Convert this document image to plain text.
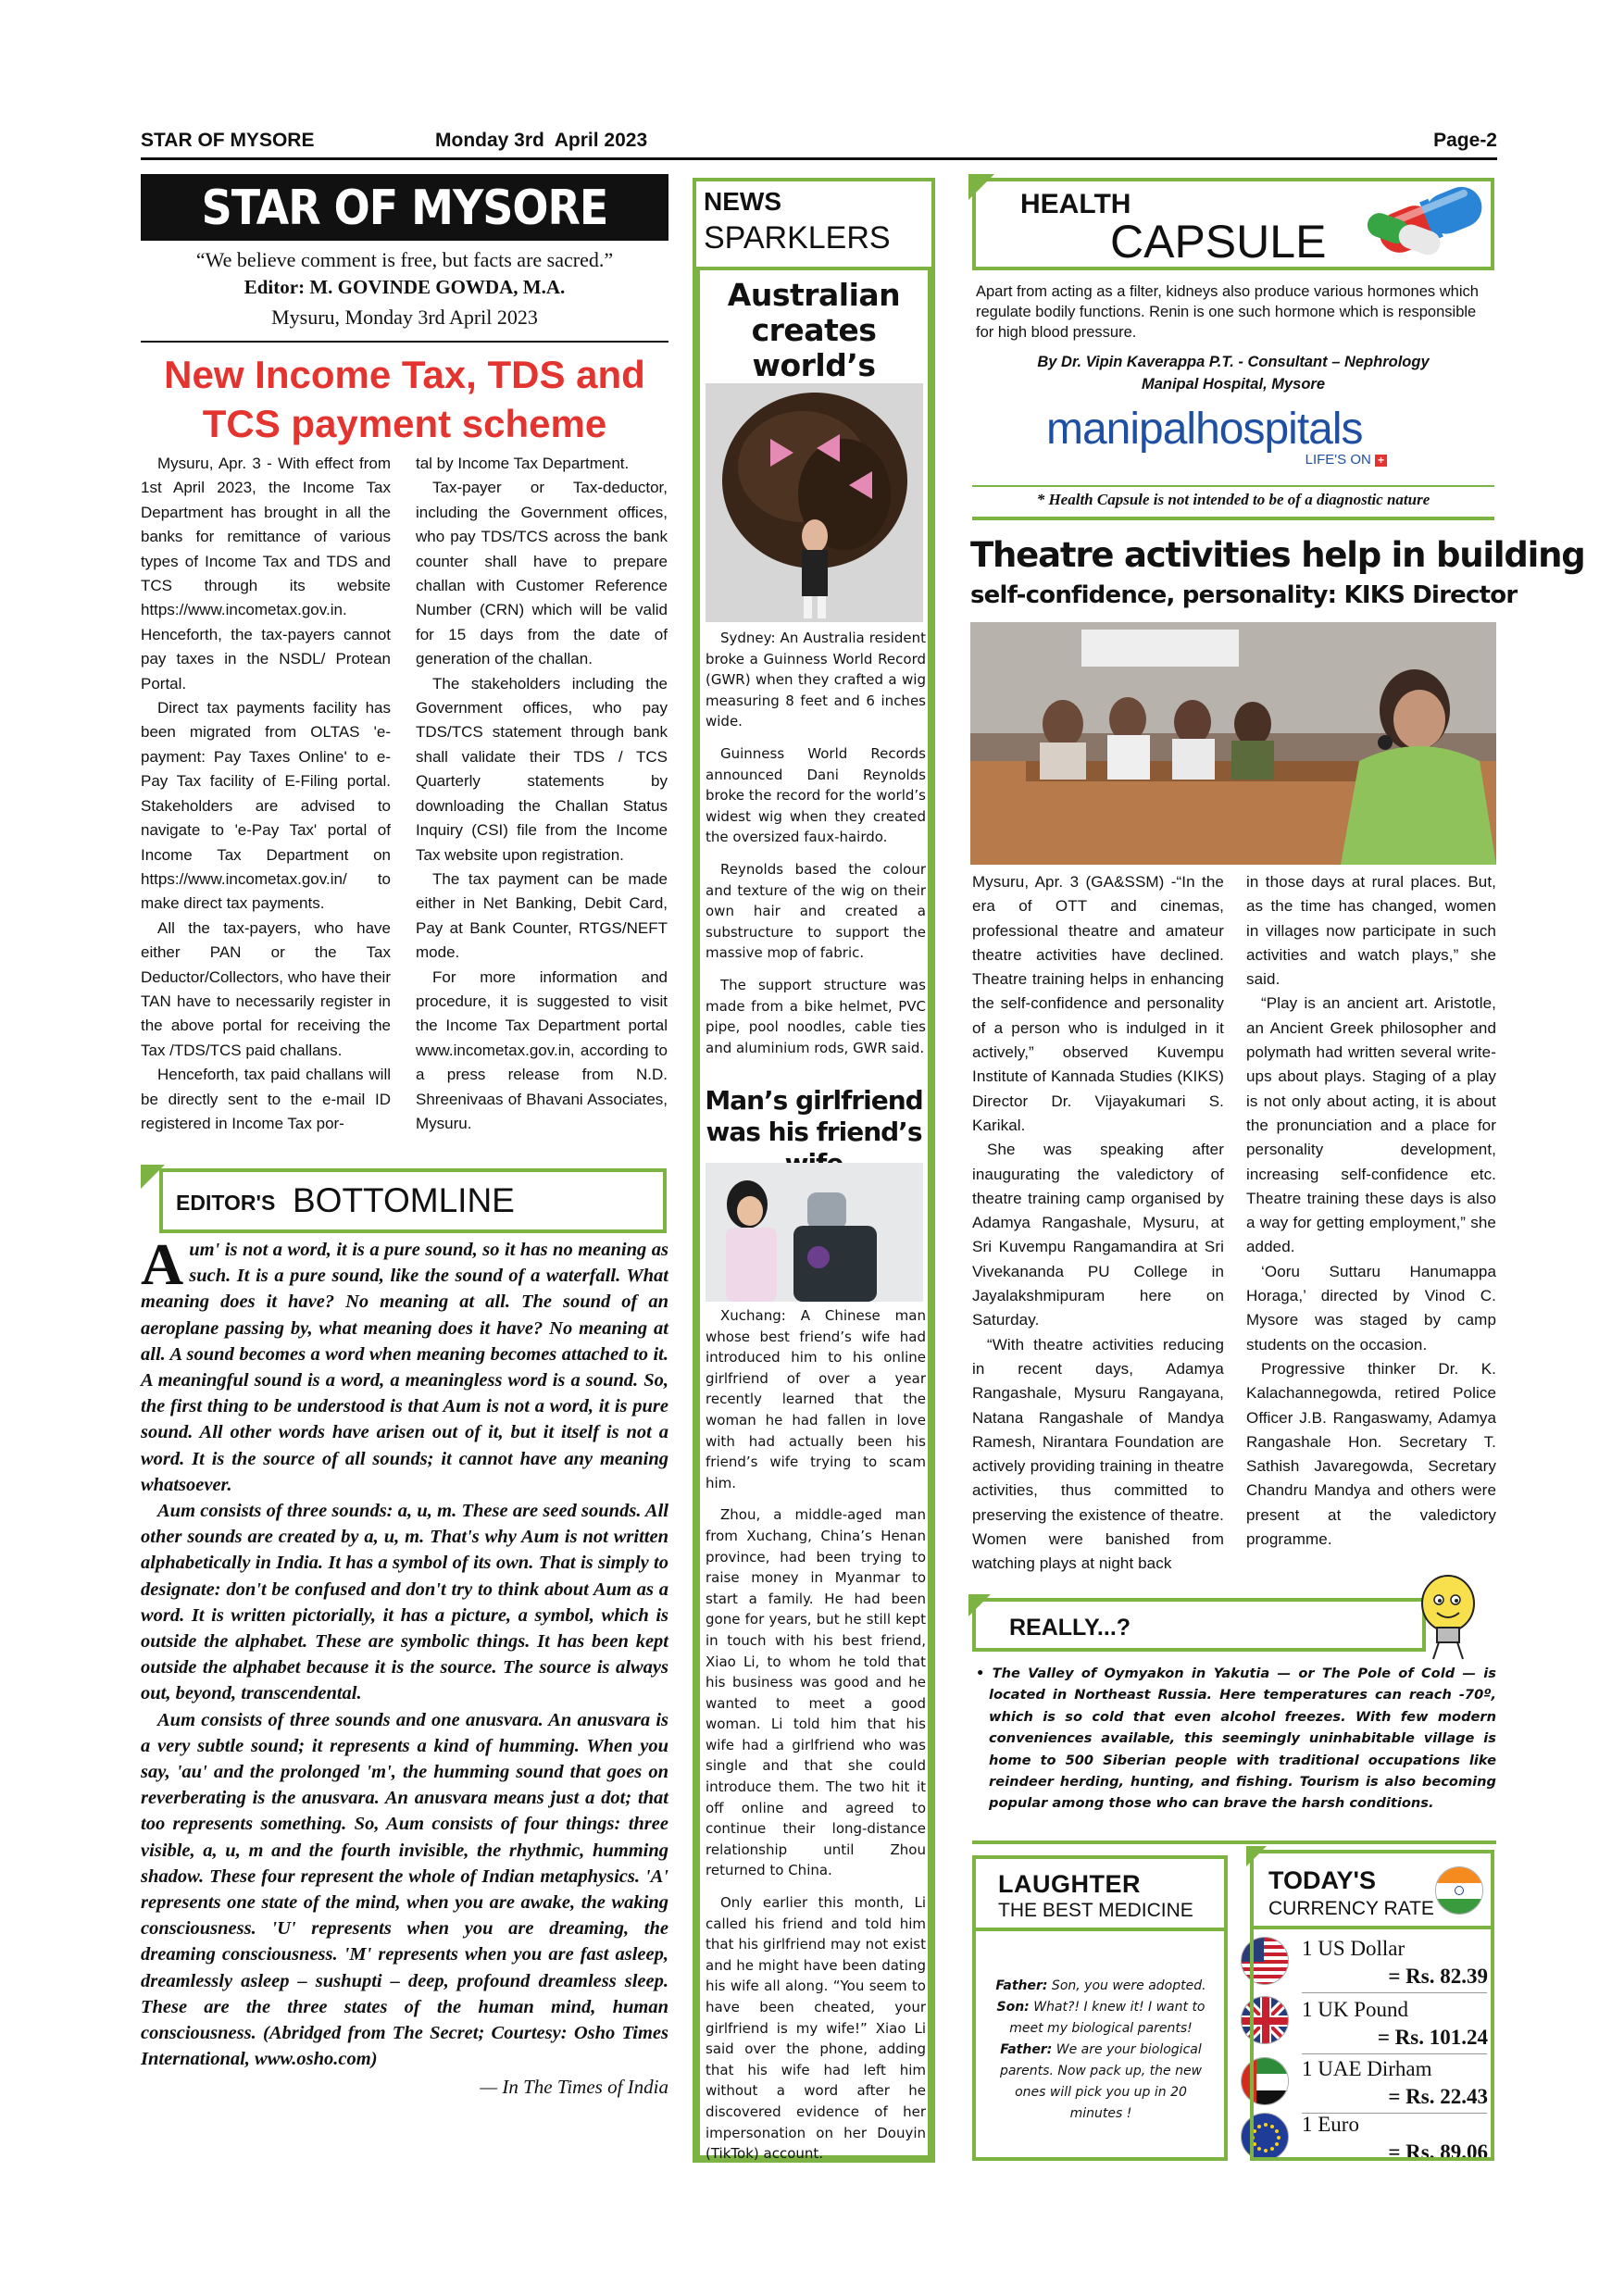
STAR OF MYSORE	Monday 3rd  April 2023	Page-2
STAR OF MYSORE
“We believe comment is free, but facts are sacred.”
Editor: M. GOVINDE GOWDA, M.A.
Mysuru, Monday 3rd April 2023
New Income Tax, TDS and TCS payment scheme

Mysuru, Apr. 3 - With effect from 1st April 2023, the Income Tax Department has brought in all the banks for remittance of various types of Income Tax and TDS and TCS through its website https://www.incometax.gov.in. Henceforth, the tax-payers cannot pay taxes in the NSDL/ Protean Portal.

Direct tax payments facility has been migrated from OLTAS 'e-payment: Pay Taxes Online' to e-Pay Tax facility of E-Filing portal. Stakeholders are advised to navigate to 'e-Pay Tax' portal of Income Tax Department on https://www.incometax.gov.in/ to make direct tax payments.

All the tax-payers, who have either PAN or the Tax Deductor/Collectors, who have their TAN have to necessarily register in the above portal for receiving the Tax /TDS/TCS paid challans.

Henceforth, tax paid challans will be directly sent to the e-mail ID registered in Income Tax por-

tal by Income Tax Department.

Tax-payer or Tax-deductor, including the Government offices, who pay TDS/TCS across the bank counter shall have to prepare challan with Customer Reference Number (CRN) which will be valid for 15 days from the date of generation of the challan.

The stakeholders including the Government offices, who pay TDS/TCS statement through bank shall validate their TDS / TCS Quarterly statements by downloading the Challan Status Inquiry (CSI) file from the Income Tax website upon registration.

The tax payment can be made either in Net Banking, Debit Card, Pay at Bank Counter, RTGS/NEFT mode.

For more information and procedure, it is suggested to visit the Income Tax Department portal www.incometax.gov.in, according to a press release from N.D. Shreenivaas of Bhavani Associates, Mysuru.

EDITOR'S BOTTOMLINE

Aum' is not a word, it is a pure sound, so it has no meaning as such. It is a pure sound, like the sound of a waterfall. What meaning does it have? No meaning at all. The sound of an aeroplane passing by, what meaning does it have? No meaning at all. A sound becomes a word when meaning becomes attached to it. A meaningful sound is a word, a meaningless word is a sound. So, the first thing to be understood is that Aum is not a word, it is pure sound. All other words have arisen out of it, but it itself is not a word. It is the source of all sounds; it cannot have any meaning whatsoever.

Aum consists of three sounds: a, u, m. These are seed sounds. All other sounds are created by a, u, m. That's why Aum is not written alphabetically in India. It has a symbol of its own. That is simply to designate: don't be confused and don't try to think about Aum as a word. It is written pictorially, it has a picture, a symbol, which is outside the alphabet. These are symbolic things. It has been kept outside the alphabet because it is the source. The source is always out, beyond, transcendental.

Aum consists of three sounds and one anusvara. An anusvara is a very subtle sound; it represents a kind of humming. When you say, 'au' and the prolonged 'm', the humming sound that goes on reverberating is the anusvara. An anusvara means just a dot; that too represents something. So, Aum consists of four things: three visible, a, u, m and the fourth invisible, the rhythmic, humming shadow. These four represent the whole of Indian metaphysics. 'A' represents one state of the mind, when you are awake, the waking consciousness. 'U' represents when you are dreaming, the dreaming consciousness. 'M' represents when you are fast asleep, dreamlessly asleep – sushupti – deep, profound dreamless sleep. These are the three states of the human mind, human consciousness. (Abridged from The Secret; Courtesy: Osho Times International, www.osho.com)

— In The Times of India

NEWS
SPARKLERS
Australian creates world’s

Sydney: An Australia resident broke a Guinness World Record (GWR) when they crafted a wig measuring 8 feet and 6 inches wide.

Guinness World Records announced Dani Reynolds broke the record for the world’s widest wig when they created the oversized faux-hairdo.

Reynolds based the colour and texture of the wig on their own hair and created a substructure to support the massive mop of fabric.

The support structure was made from a bike helmet, PVC pipe, pool noodles, cable ties and aluminium rods, GWR said.

Man’s girlfriend was his friend’s

Xuchang: A Chinese man whose best friend’s wife had introduced him to his online girlfriend of over a year recently learned that the woman he had fallen in love with had actually been his friend’s wife trying to scam him.

Zhou, a middle-aged man from Xuchang, China’s Henan province, had been trying to raise money in Myanmar to start a family. He had been gone for years, but he still kept in touch with his best friend, Xiao Li, to whom he told that his business was good and he wanted to meet a good woman. Li told him that his wife had a girlfriend who was single and that she could introduce them. The two hit it off online and agreed to continue their long-distance relationship until Zhou returned to China.

Only earlier this month, Li called his friend and told him that his girlfriend may not exist and he might have been dating his wife all along. “You seem to have been cheated, your girlfriend is my wife!” Xiao Li said over the phone, adding that his wife had left him without a word after he discovered evidence of her impersonation on her Douyin (TikTok) account.

HEALTH
CAPSULE
Apart from acting as a filter, kidneys also produce various hormones which regulate bodily functions. Renin is one such hormone which is responsible for high blood pressure.
By Dr. Vipin Kaverappa P.T. - Consultant – Nephrology
Manipal Hospital, Mysore
manipalhospitals
LIFE'S ON +
* Health Capsule is not intended to be of a diagnostic nature
Theatre activities help in building
self-confidence, personality: KIKS Director

Mysuru, Apr. 3 (GA&SSM) -“In the era of OTT and cinemas, professional theatre and amateur theatre activities have declined. Theatre training helps in enhancing the self-confidence and personality of a person who is indulged in it actively,” observed Kuvempu Institute of Kannada Studies (KIKS) Director Dr. Vijayakumari S. Karikal.

She was speaking after inaugurating the valedictory of theatre training camp organised by Adamya Rangashale, Mysuru, at Sri Kuvempu Rangamandira at Sri Vivekananda PU College in Jayalakshmipuram here on Saturday.

“With theatre activities reducing in recent days, Adamya Rangashale, Mysuru Rangayana, Natana Rangashale of Mandya Ramesh, Nirantara Foundation are actively providing training in theatre activities, thus committed to preserving the existence of theatre. Women were banished from watching plays at night back

in those days at rural places. But, as the time has changed, women in villages now participate in such activities and watch plays,” she said.

“Play is an ancient art. Aristotle, an Ancient Greek philosopher and polymath had written several write-ups about plays. Staging of a play is not only about acting, it is about the pronunciation and a place for personality development, increasing self-confidence etc. Theatre training these days is also a way for getting employment,” she added.

‘Ooru Suttaru Hanumappa Horaga,’ directed by Vinod C. Mysore was staged by camp students on the occasion.

Progressive thinker Dr. K. Kalachannegowda, retired Police Officer J.B. Rangaswamy, Adamya Rangashale Hon. Secretary T. Sathish Javaregowda, Secretary Chandru Mandya and others were present at the valedictory programme.

REALLY...?

• The Valley of Oymyakon in Yakutia — or The Pole of Cold — is located in Northeast Russia. Here temperatures can reach -70º, which is so cold that even alcohol freezes. With few modern conveniences available, this seemingly uninhabitable village is home to 500 Siberian people with traditional occupations like reindeer herding, hunting, and fishing. Tourism is also becoming popular among those who can brave the harsh conditions.

LAUGHTER
THE BEST MEDICINE
Father: Son, you were adopted.
Son: What?! I knew it! I want to meet my biological parents!
Father: We are your biological parents. Now pack up, the new ones will pick you up in 20 minutes !
TODAY'S
CURRENCY RATE
1 US Dollar
= Rs. 82.39
1 UK Pound
= Rs. 101.24
1 UAE Dirham
= Rs. 22.43
1 Euro
= Rs. 89.06
